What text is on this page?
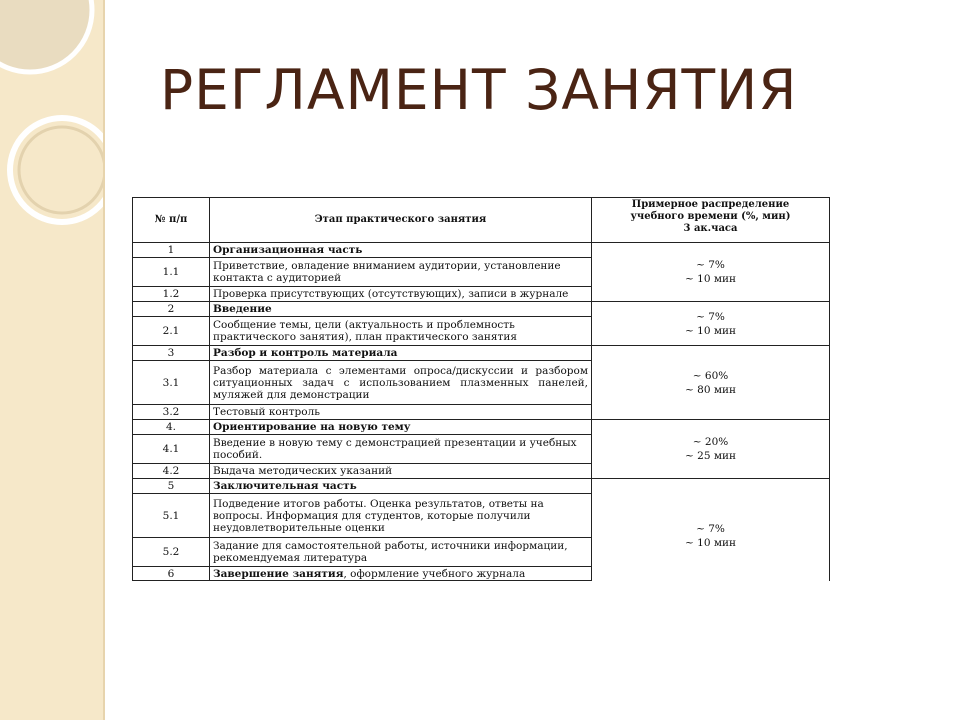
РЕГЛАМЕНТ ЗАНЯТИЯ
№ п/п	Этап практического занятия	Примерное распределение
учебного времени (%, мин)
3 ак.часа
1	Организационная часть	~ 7%
~ 10 мин
1.1	Приветствие, овладение вниманием аудитории, установление контакта с аудиторией	
1.2	Проверка присутствующих (отсутствующих), записи в журнале	
2	Введение	~ 7%
~ 10 мин
2.1	Сообщение темы, цели (актуальность и проблемность практического занятия), план практического занятия	
3	Разбор и контроль материала	~ 60%
~ 80 мин
3.1	Разбор материала с элементами опроса/дискуссии и разбором ситуационных задач с использованием плазменных панелей, муляжей для демонстрации	
3.2	Тестовый контроль	
4.	Ориентирование на новую тему	~ 20%
~ 25 мин
4.1	Введение в новую тему с демонстрацией презентации и учебных пособий.	
4.2	Выдача методических указаний	
5	Заключительная часть	~ 7%
~ 10 мин
5.1	Подведение итогов работы. Оценка результатов, ответы на вопросы. Информация для студентов, которые получили неудовлетворительные оценки	
5.2	Задание для самостоятельной работы, источники информации, рекомендуемая литература	
6	Завершение занятия, оформление учебного журнала	
